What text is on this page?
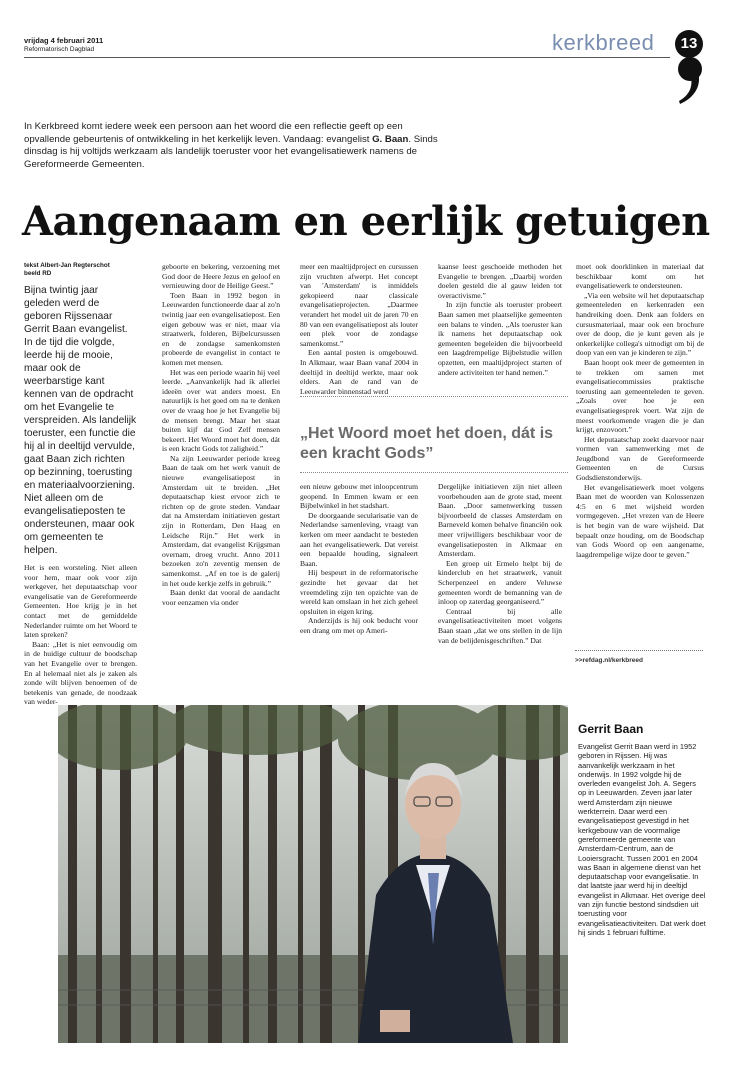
vrijdag 4 februari 2011
Reformatorisch Dagblad	kerkbreed	13
In Kerkbreed komt iedere week een persoon aan het woord die een reflectie geeft op een opvallende gebeurtenis of ontwikkeling in het kerkelijk leven. Vandaag: evangelist G. Baan. Sinds dinsdag is hij voltijds werkzaam als landelijk toeruster voor het evangelisatiewerk namens de Gereformeerde Gemeenten.
Aangenaam en eerlijk getuigen
tekst Albert-Jan Regterschot
beeld RD
Bijna twintig jaar geleden werd de geboren Rijssenaar Gerrit Baan evangelist. In de tijd die volgde, leerde hij de mooie, maar ook de weerbarstige kant kennen van de opdracht om het Evangelie te verspreiden. Als landelijk toeruster, een functie die hij al in deeltijd vervulde, gaat Baan zich richten op bezinning, toerusting en materiaalvoorziening. Niet alleen om de evangelisatieposten te ondersteunen, maar ook om gemeenten te helpen.

Het is een worsteling. Niet alleen voor hem, maar ook voor zijn werkgever, het deputaatschap voor evangelisatie van de Gereformeerde Gemeenten. Hoe krijg je in het contact met de gemiddelde Nederlander ruimte om het Woord te laten spreken?

Baan: „Het is niet eenvoudig om in de huidige cultuur de boodschap van het Evangelie over te brengen. En al helemaal niet als je zaken als zonde wilt blijven benoemen of de betekenis van genade, de noodzaak van weder-

geboorte en bekering, verzoening met God door de Heere Jezus en geloof en vernieuwing door de Heilige Geest.”

Toen Baan in 1992 begon in Leeuwarden functioneerde daar al zo'n twintig jaar een evangelisatiepost. Een eigen gebouw was er niet, maar via straatwerk, folderen, Bijbelcursussen en de zondagse samenkomsten probeerde de evangelist in contact te komen met mensen.

Het was een periode waarin hij veel leerde. „Aanvankelijk had ik allerlei ideeën over wat anders moest. En natuurlijk is het goed om na te denken over de vraag hoe je het Evangelie bij de mensen brengt. Maar het staat buiten kijf dat God Zelf mensen bekeert. Het Woord moet het doen, dát is een kracht Gods tot zaligheid.”

Na zijn Leeuwarder periode kreeg Baan de taak om het werk vanuit de nieuwe evangelisatiepost in Amsterdam uit te breiden. „Het deputaatschap kiest ervoor zich te richten op de grote steden. Vandaar dat na Amsterdam initiatieven gestart zijn in Rotterdam, Den Haag en Leidsche Rijn.” Het werk in Amsterdam, dat evangelist Krijgsman overnam, droeg vrucht. Anno 2011 bezoeken zo'n zeventig mensen de samenkomst. „Af en toe is de galerij in het oude kerkje zelfs in gebruik.”

Baan denkt dat vooral de aandacht voor eenzamen via onder

meer een maaltijdproject en cursussen zijn vruchten afwerpt. Het concept van 'Amsterdam' is inmiddels gekopieerd naar classicale evangelisatieprojecten. „Daarmee verandert het model uit de jaren 70 en 80 van een evangelisatiepost als louter een plek voor de zondagse samenkomst.”

Een aantal posten is omgebouwd. In Alkmaar, waar Baan vanaf 2004 in deeltijd in deeltijd werkte, maar ook elders. Aan de rand van de Leeuwarder binnenstad werd

kaanse leest geschoeide methoden het Evangelie te brengen. „Daarbij worden doelen gesteld die al gauw leiden tot overactivisme.”

In zijn functie als toeruster probeert Baan samen met plaatselijke gemeenten een balans te vinden. „Als toeruster kan ik namens het deputaatschap ook gemeenten begeleiden die bijvoorbeeld een laagdrempelige Bijbelstudie willen opzetten, een maaltijdproject starten of andere activiteiten ter hand nemen.”

„Het Woord moet het doen, dát is een kracht Gods”

een nieuw gebouw met inloopcentrum geopend. In Emmen kwam er een Bijbelwinkel in het stadshart.

De doorgaande secularisatie van de Nederlandse samenleving, vraagt van kerken om meer aandacht te besteden aan het evangelisatiewerk. Dat vereist een bepaalde houding, signaleert Baan.

Hij bespeurt in de reformatorische gezindte het gevaar dat het vreemdeling zijn ten opzichte van de wereld kan omslaan in het zich geheel opsluiten in eigen kring.

Anderzijds is hij ook beducht voor een drang om met op Ameri-

Dergelijke initiatieven zijn niet alleen voorbehouden aan de grote stad, meent Baan. „Door samenwerking tussen bijvoorbeeld de classes Amsterdam en Barneveld komen behalve financiën ook meer vrijwilligers beschikbaar voor de evangelisatieposten in Alkmaar en Amsterdam.

Een groep uit Ermelo helpt bij de kinderclub en het straatwerk, vanuit Scherpenzeel en andere Veluwse gemeenten wordt de bemanning van de inloop op zaterdag georganiseerd.”

Centraal bij alle evangelisatieactiviteiten moet volgens Baan staan „dat we ons stellen in de lijn van de belijdenisgeschriften.” Dat

moet ook doorklinken in materiaal dat beschikbaar komt om het evangelisatiewerk te ondersteunen.

„Via een website wil het deputaatschap gemeenteleden en kerkenraden een handreiking doen. Denk aan folders en cursusmateriaal, maar ook een brochure over de doop, die je kunt geven als je onkerkelijke collega's uitnodigt om bij de doop van een van je kinderen te zijn.”

Baan hoopt ook meer de gemeenten in te trekken om samen met evangelisatiecommissies praktische toerusting aan gemeenteleden te geven. „Zoals over hoe je een evangelisatiegesprek voert. Wat zijn de meest voorkomende vragen die je dan krijgt, enzovoort.”

Het deputaatschap zoekt daarvoor naar vormen van samenwerking met de Jeugdbond van de Gereformeerde Gemeenten en de Cursus Godsdienstonderwijs.

Het evangelisatiewerk moet volgens Baan met de woorden van Kolossenzen 4:5 en 6 met wijsheid worden vormgegeven. „Het vrezen van de Heere is het begin van de ware wijsheid. Dat bepaalt onze houding, om de Boodschap van Gods Woord op een aangename, laagdrempelige wijze door te geven.”

>>refdag.nl/kerkbreed
Gerrit Baan
Evangelist Gerrit Baan werd in 1952 geboren in Rijssen. Hij was aanvankelijk werkzaam in het onderwijs. In 1992 volgde hij de overleden evangelist Joh. A. Segers op in Leeuwarden. Zeven jaar later werd Amsterdam zijn nieuwe werkterrein. Daar werd een evangelisatiepost gevestigd in het kerkgebouw van de voormalige gereformeerde gemeente van Amsterdam-Centrum, aan de Looiersgracht. Tussen 2001 en 2004 was Baan in algemene dienst van het deputaatschap voor evangelisatie. In dat laatste jaar werd hij in deeltijd evangelist in Alkmaar. Het overige deel van zijn functie bestond sindsdien uit toerusting voor evangelisatieactiviteiten. Dat werk doet hij sinds 1 februari fulltime.
